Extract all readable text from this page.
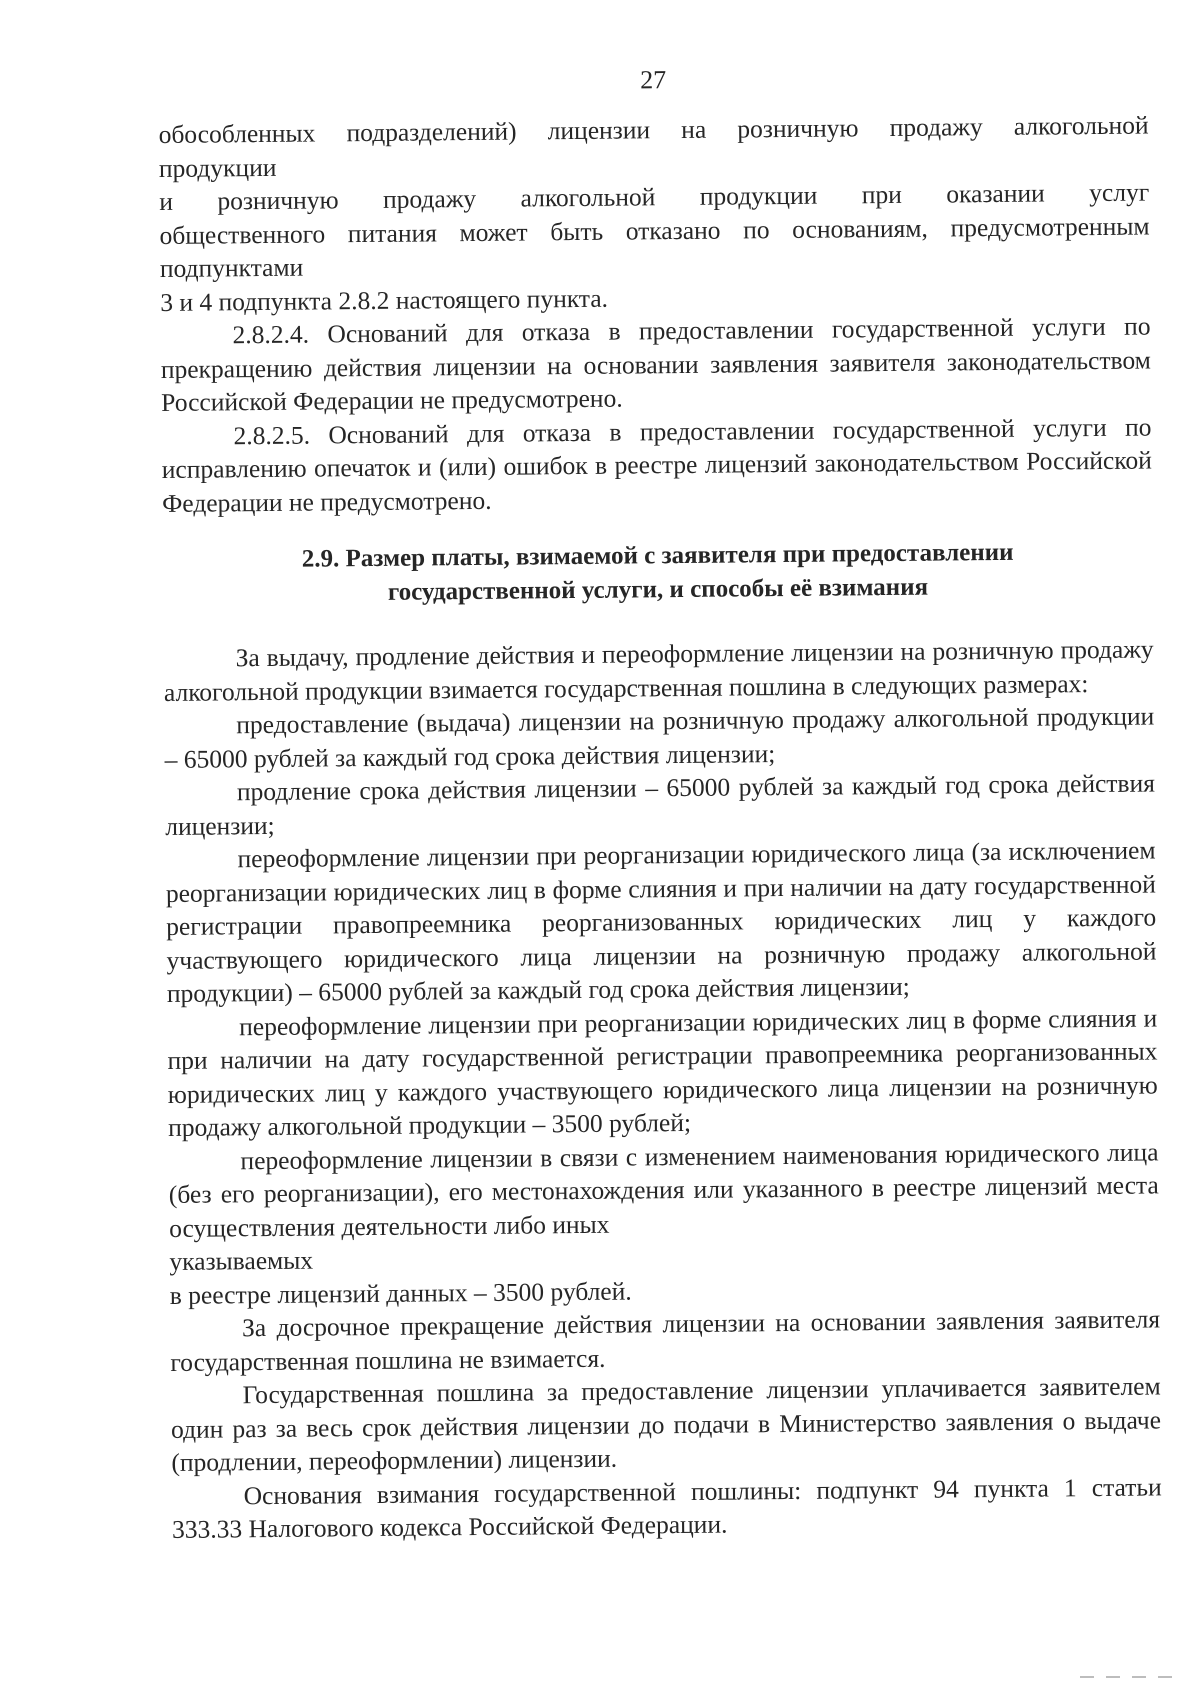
27

обособленных подразделений) лицензии на розничную продажу алкогольной
продукции
и розничную продажу алкогольной продукции при оказании услуг
общественного питания может быть отказано по основаниям, предусмотренным
подпунктами
3 и 4 подпункта 2.8.2 настоящего пункта.

2.8.2.4. Оснований для отказа в предоставлении государственной услуги по прекращению действия лицензии на основании заявления заявителя законодательством Российской Федерации не предусмотрено.

2.8.2.5. Оснований для отказа в предоставлении государственной услуги по исправлению опечаток и (или) ошибок в реестре лицензий законодательством Российской Федерации не предусмотрено.

2.9. Размер платы, взимаемой с заявителя при предоставлении
государственной услуги, и способы её взимания

За выдачу, продление действия и переоформление лицензии на розничную продажу алкогольной продукции взимается государственная пошлина в следующих размерах:

предоставление (выдача) лицензии на розничную продажу алкогольной продукции – 65000 рублей за каждый год срока действия лицензии;

продление срока действия лицензии – 65000 рублей за каждый год срока действия лицензии;

переоформление лицензии при реорганизации юридического лица (за исключением реорганизации юридических лиц в форме слияния и при наличии на дату государственной регистрации правопреемника реорганизованных юридических лиц у каждого участвующего юридического лица лицензии на розничную продажу алкогольной продукции) – 65000 рублей за каждый год срока действия лицензии;

переоформление лицензии при реорганизации юридических лиц в форме слияния и при наличии на дату государственной регистрации правопреемника реорганизованных юридических лиц у каждого участвующего юридического лица лицензии на розничную продажу алкогольной продукции – 3500 рублей;

переоформление лицензии в связи с изменением наименования юридического лица (без его реорганизации), его местонахождения или указанного в реестре лицензий места осуществления деятельности либо иных
указываемых
в реестре лицензий данных – 3500 рублей.

За досрочное прекращение действия лицензии на основании заявления заявителя государственная пошлина не взимается.

Государственная пошлина за предоставление лицензии уплачивается заявителем один раз за весь срок действия лицензии до подачи в Министерство заявления о выдаче (продлении, переоформлении) лицензии.

Основания взимания государственной пошлины: подпункт 94 пункта 1 статьи 333.33 Налогового кодекса Российской Федерации.
